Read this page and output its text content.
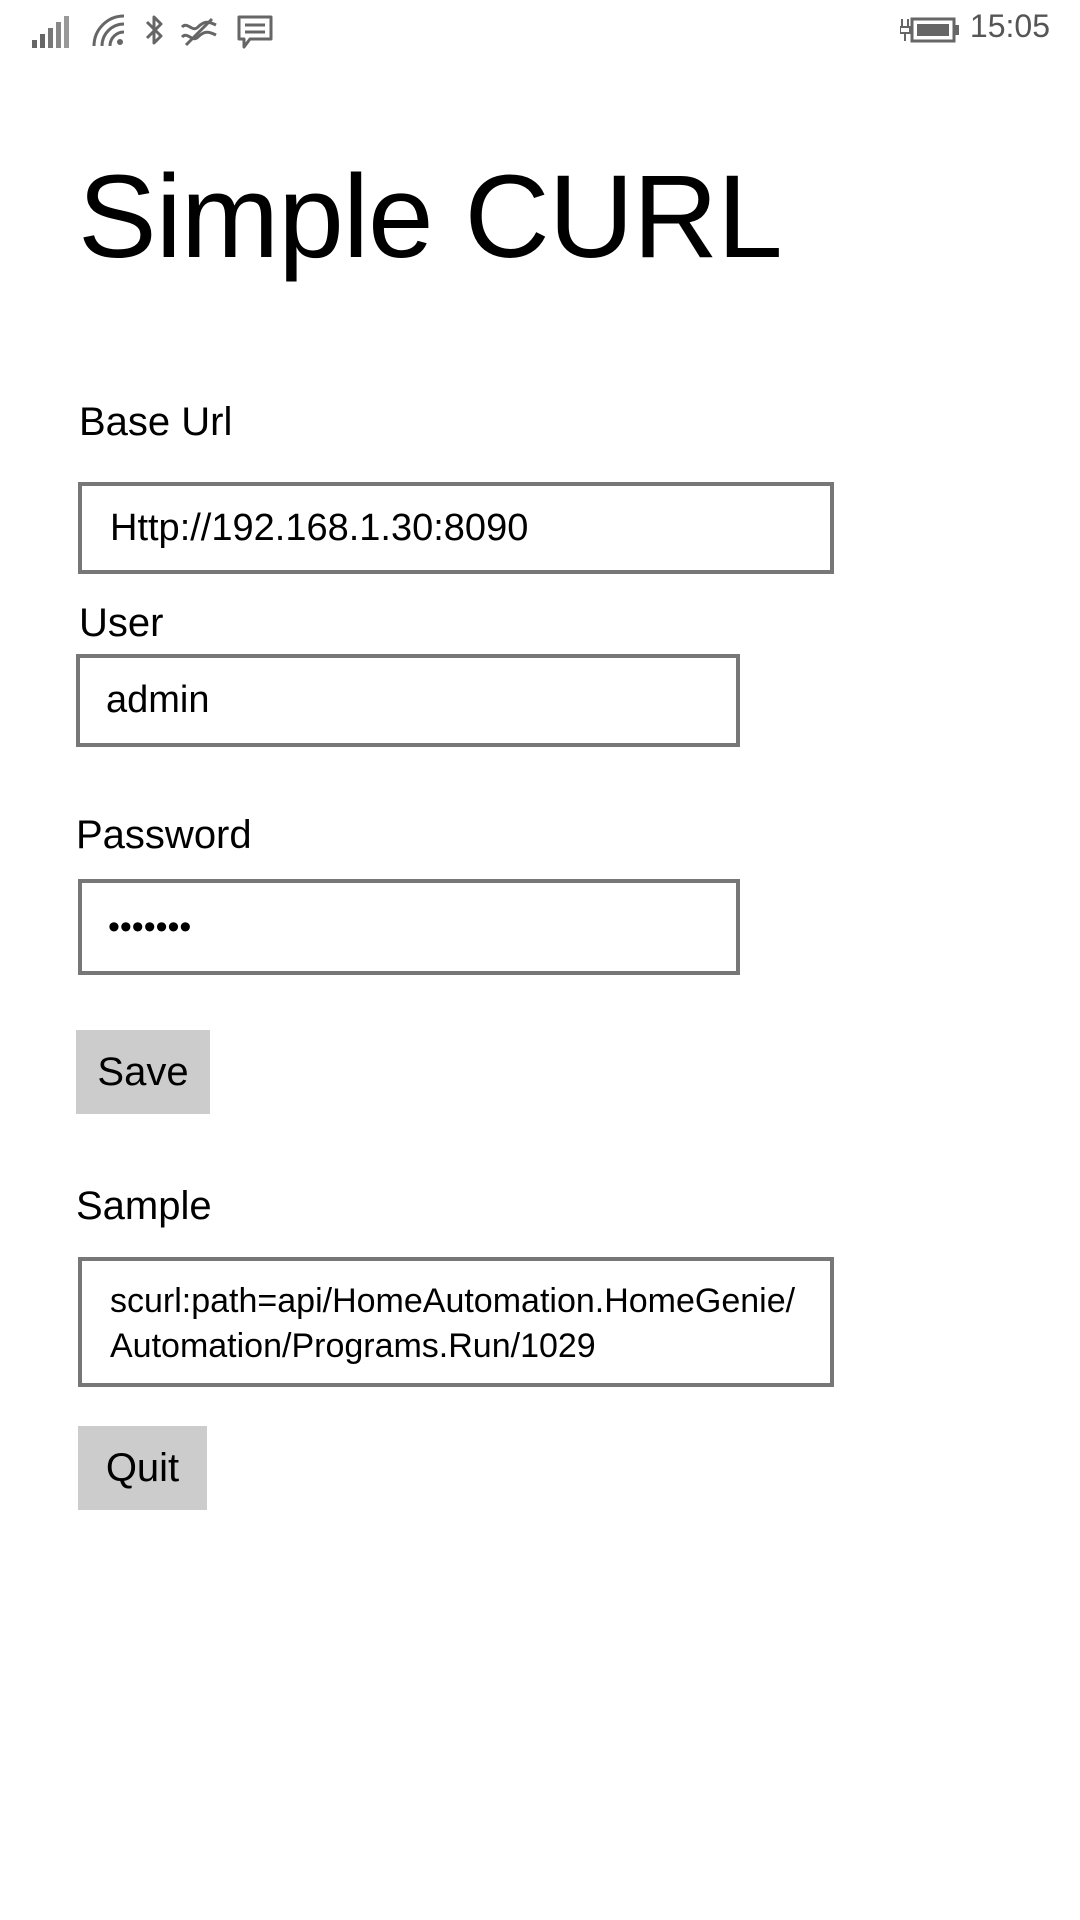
15:05
Simple CURL
Base Url
Http://192.168.1.30:8090
User
admin
Password
•••••••
Save
Sample
scurl:path=api/HomeAutomation.HomeGenie/Automation/Programs.Run/1029
Quit
